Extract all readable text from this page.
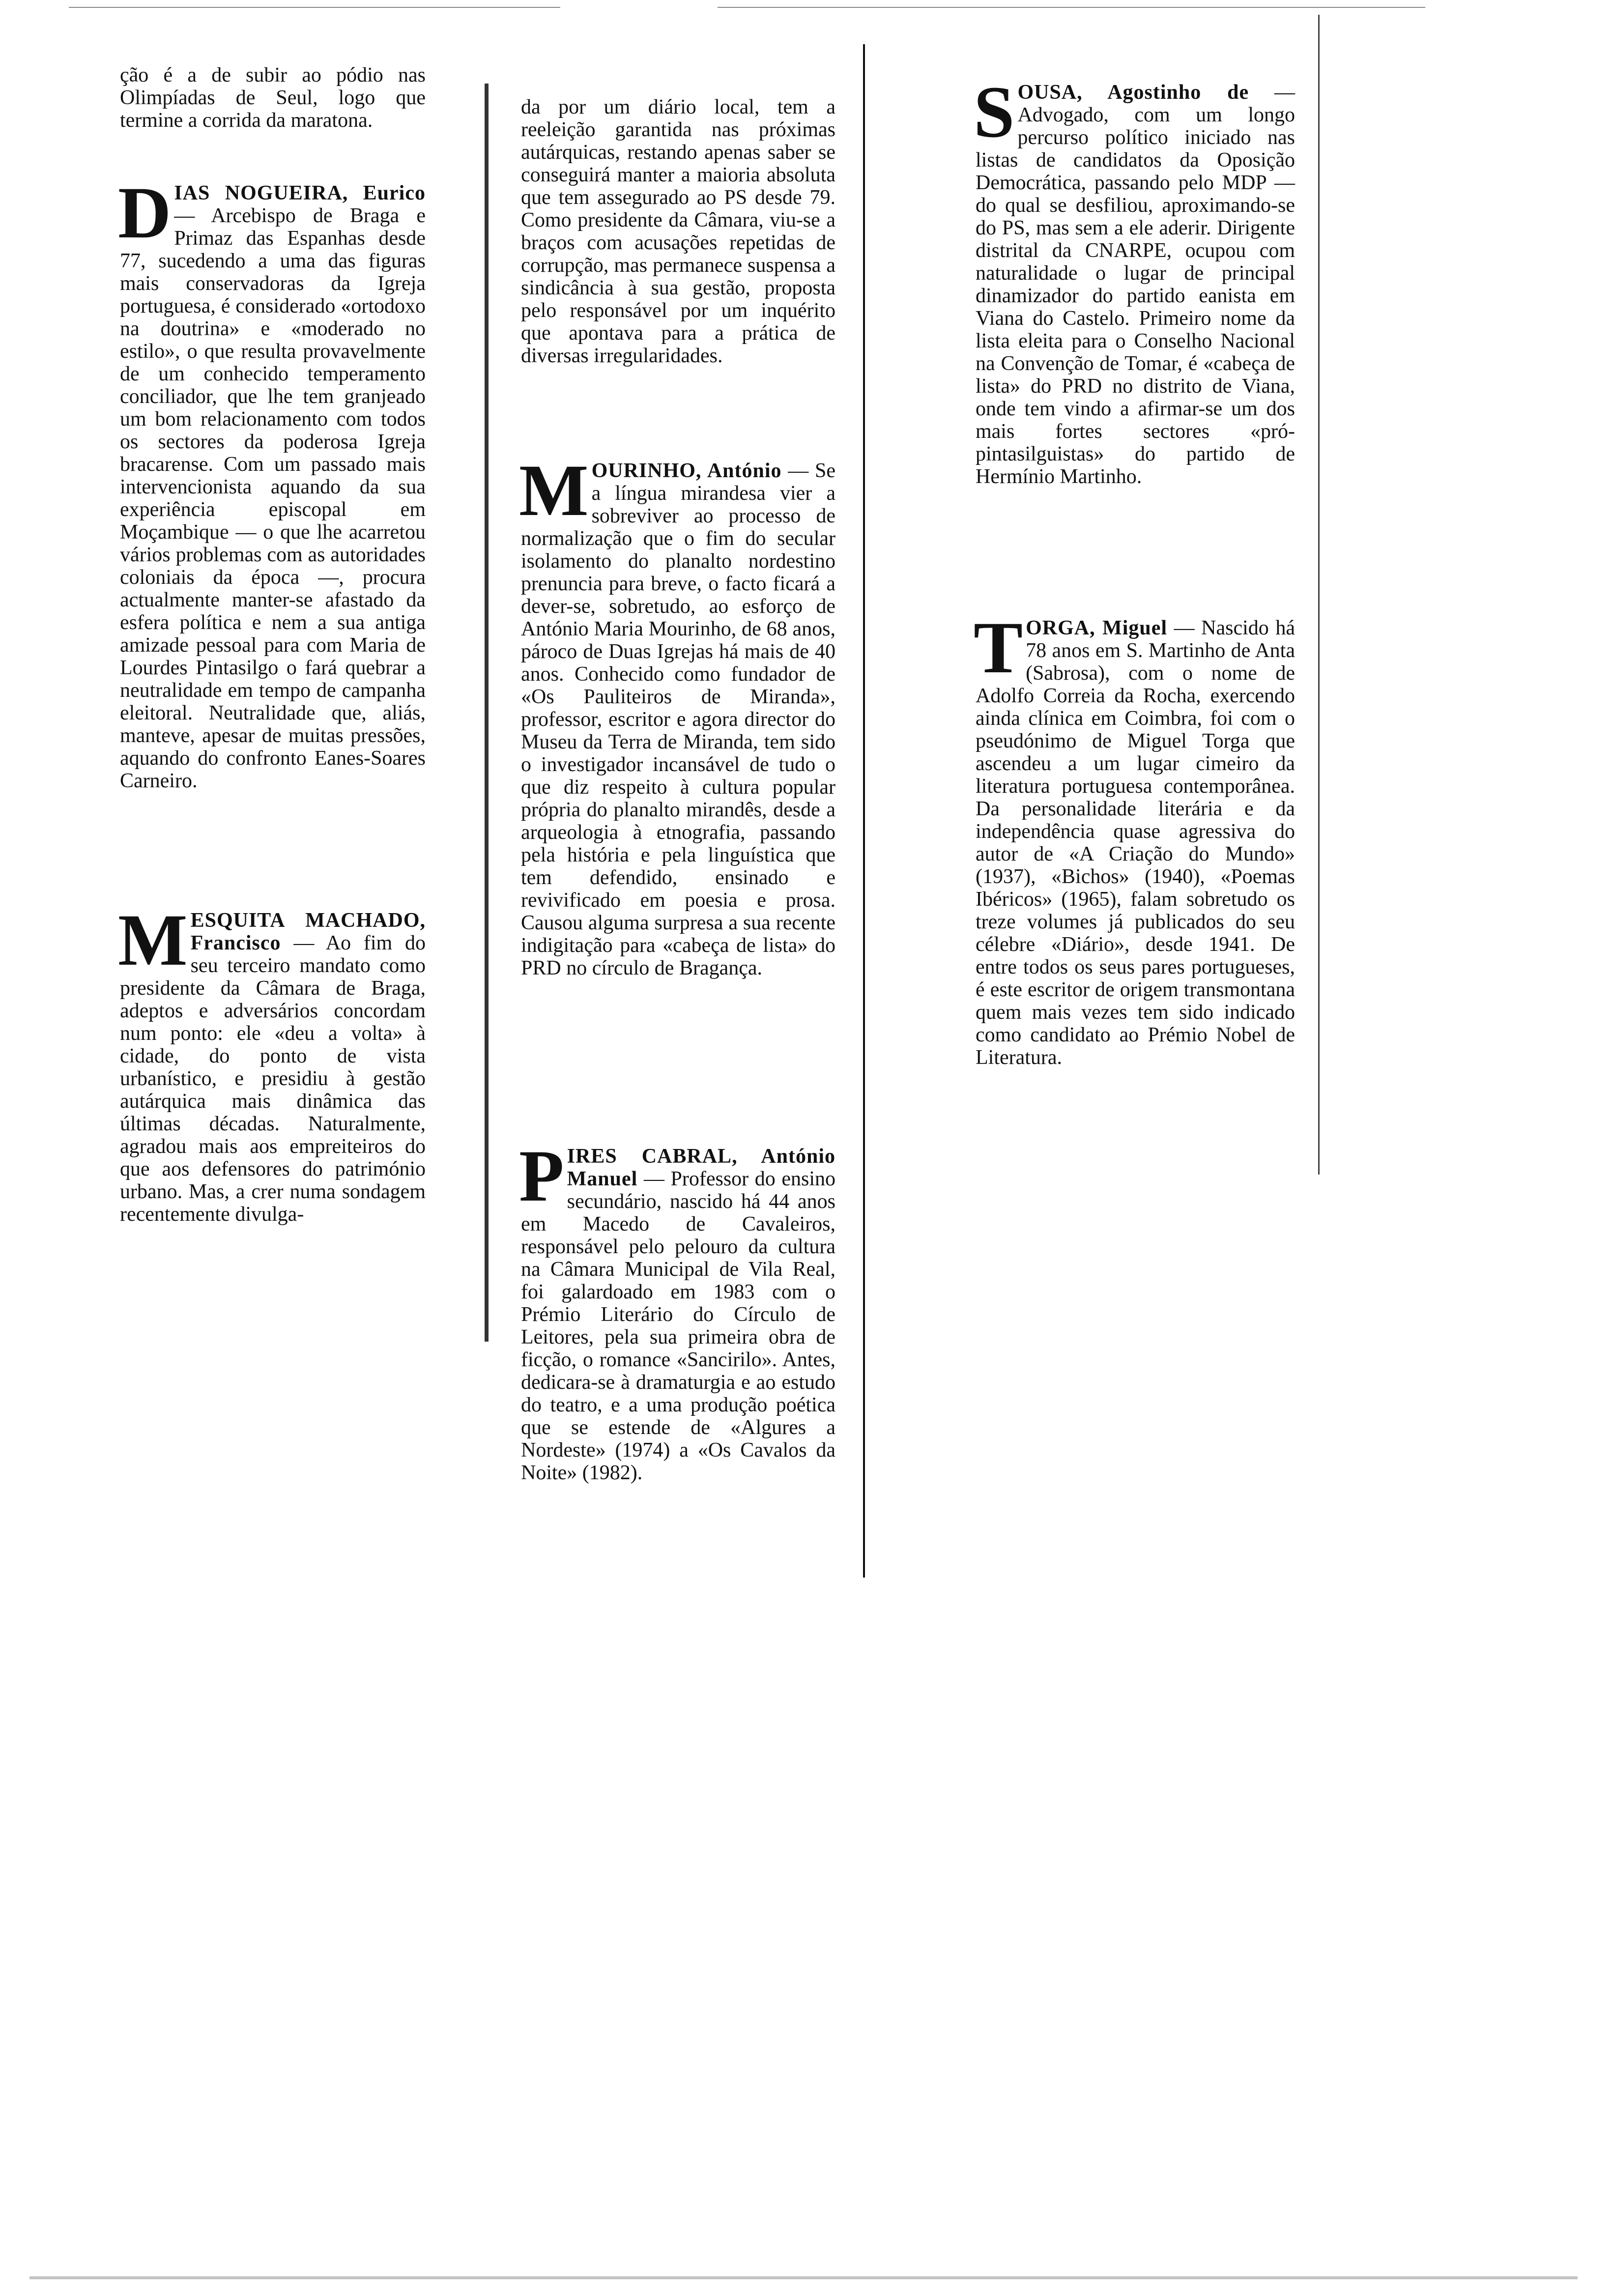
ção é a de subir ao pódio nas Olimpíadas de Seul, logo que termine a corrida da maratona.
D IAS NOGUEIRA, Eurico — Arcebispo de Braga e Primaz das Espanhas desde 77, sucedendo a uma das figuras mais conservadoras da Igreja portuguesa, é considerado «ortodoxo na doutrina» e «moderado no estilo», o que resulta provavelmente de um conhecido temperamento conciliador, que lhe tem granjeado um bom relacionamento com todos os sectores da poderosa Igreja bracarense. Com um passado mais intervencionista aquando da sua experiência episcopal em Moçambique — o que lhe acarretou vários problemas com as autoridades coloniais da época —, procura actualmente manter-se afastado da esfera política e nem a sua antiga amizade pessoal para com Maria de Lourdes Pintasilgo o fará quebrar a neutralidade em tempo de campanha eleitoral. Neutralidade que, aliás, manteve, apesar de muitas pressões, aquando do confronto Eanes-Soares Carneiro.
M ESQUITA MACHADO, Francisco — Ao fim do seu terceiro mandato como presidente da Câmara de Braga, adeptos e adversários concordam num ponto: ele «deu a volta» à cidade, do ponto de vista urbanístico, e presidiu à gestão autárquica mais dinâmica das últimas décadas. Naturalmente, agradou mais aos empreiteiros do que aos defensores do património urbano. Mas, a crer numa sondagem recentemente divulga-
da por um diário local, tem a reeleição garantida nas próximas autárquicas, restando apenas saber se conseguirá manter a maioria absoluta que tem assegurado ao PS desde 79. Como presidente da Câmara, viu-se a braços com acusações repetidas de corrupção, mas permanece suspensa a sindicância à sua gestão, proposta pelo responsável por um inquérito que apontava para a prática de diversas irregularidades.
M OURINHO, António — Se a língua mirandesa vier a sobreviver ao processo de normalização que o fim do secular isolamento do planalto nordestino prenuncia para breve, o facto ficará a dever-se, sobretudo, ao esforço de António Maria Mourinho, de 68 anos, pároco de Duas Igrejas há mais de 40 anos. Conhecido como fundador de «Os Pauliteiros de Miranda», professor, escritor e agora director do Museu da Terra de Miranda, tem sido o investigador incansável de tudo o que diz respeito à cultura popular própria do planalto mirandês, desde a arqueologia à etnografia, passando pela história e pela linguística que tem defendido, ensinado e revivificado em poesia e prosa. Causou alguma surpresa a sua recente indigitação para «cabeça de lista» do PRD no círculo de Bragança.
P IRES CABRAL, António Manuel — Professor do ensino secundário, nascido há 44 anos em Macedo de Cavaleiros, responsável pelo pelouro da cultura na Câmara Municipal de Vila Real, foi galardoado em 1983 com o Prémio Literário do Círculo de Leitores, pela sua primeira obra de ficção, o romance «Sancirilo». Antes, dedicara-se à dramaturgia e ao estudo do teatro, e a uma produção poética que se estende de «Algures a Nordeste» (1974) a «Os Cavalos da Noite» (1982).
S OUSA, Agostinho de — Advogado, com um longo percurso político iniciado nas listas de candidatos da Oposição Democrática, passando pelo MDP — do qual se desfiliou, aproximando-se do PS, mas sem a ele aderir. Dirigente distrital da CNARPE, ocupou com naturalidade o lugar de principal dinamizador do partido eanista em Viana do Castelo. Primeiro nome da lista eleita para o Conselho Nacional na Convenção de Tomar, é «cabeça de lista» do PRD no distrito de Viana, onde tem vindo a afirmar-se um dos mais fortes sectores «pró-pintasilguistas» do partido de Hermínio Martinho.
T ORGA, Miguel — Nascido há 78 anos em S. Martinho de Anta (Sabrosa), com o nome de Adolfo Correia da Rocha, exercendo ainda clínica em Coimbra, foi com o pseudónimo de Miguel Torga que ascendeu a um lugar cimeiro da literatura portuguesa contemporânea. Da personalidade literária e da independência quase agressiva do autor de «A Criação do Mundo» (1937), «Bichos» (1940), «Poemas Ibéricos» (1965), falam sobretudo os treze volumes já publicados do seu célebre «Diário», desde 1941. De entre todos os seus pares portugueses, é este escritor de origem transmontana quem mais vezes tem sido indicado como candidato ao Prémio Nobel de Literatura.
